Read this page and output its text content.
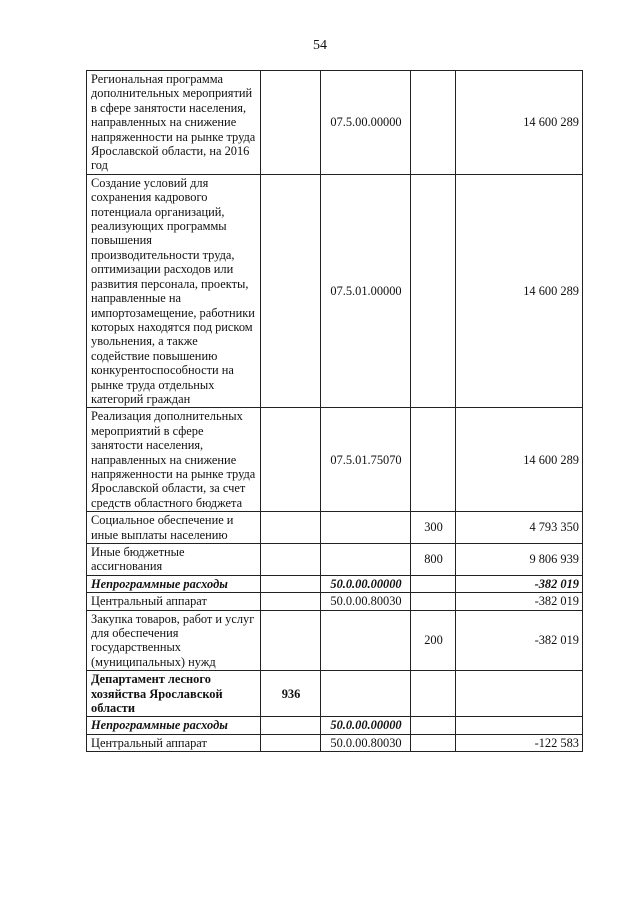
54
Региональная программа дополнительных мероприятий в сфере занятости населения, направленных на снижение напряженности на рынке труда Ярославской области, на 2016 год		07.5.00.00000		14 600 289
Создание условий для сохранения кадрового потенциала организаций, реализующих программы повышения производительности труда, оптимизации расходов или развития персонала, проекты, направленные на импортозамещение, работники которых находятся под риском увольнения, а также содействие повышению конкурентоспособности на рынке труда отдельных категорий граждан		07.5.01.00000		14 600 289
Реализация дополнительных мероприятий в сфере занятости населения, направленных на снижение напряженности на рынке труда Ярославской области, за счет средств областного бюджета		07.5.01.75070		14 600 289
Социальное обеспечение и иные выплаты населению			300	4 793 350
Иные бюджетные ассигнования			800	9 806 939
Непрограммные расходы		50.0.00.00000		-382 019
Центральный аппарат		50.0.00.80030		-382 019
Закупка товаров, работ и услуг для обеспечения государственных (муниципальных) нужд			200	-382 019
Департамент лесного хозяйства Ярославской области	936			
Непрограммные расходы		50.0.00.00000		
Центральный аппарат		50.0.00.80030		-122 583
